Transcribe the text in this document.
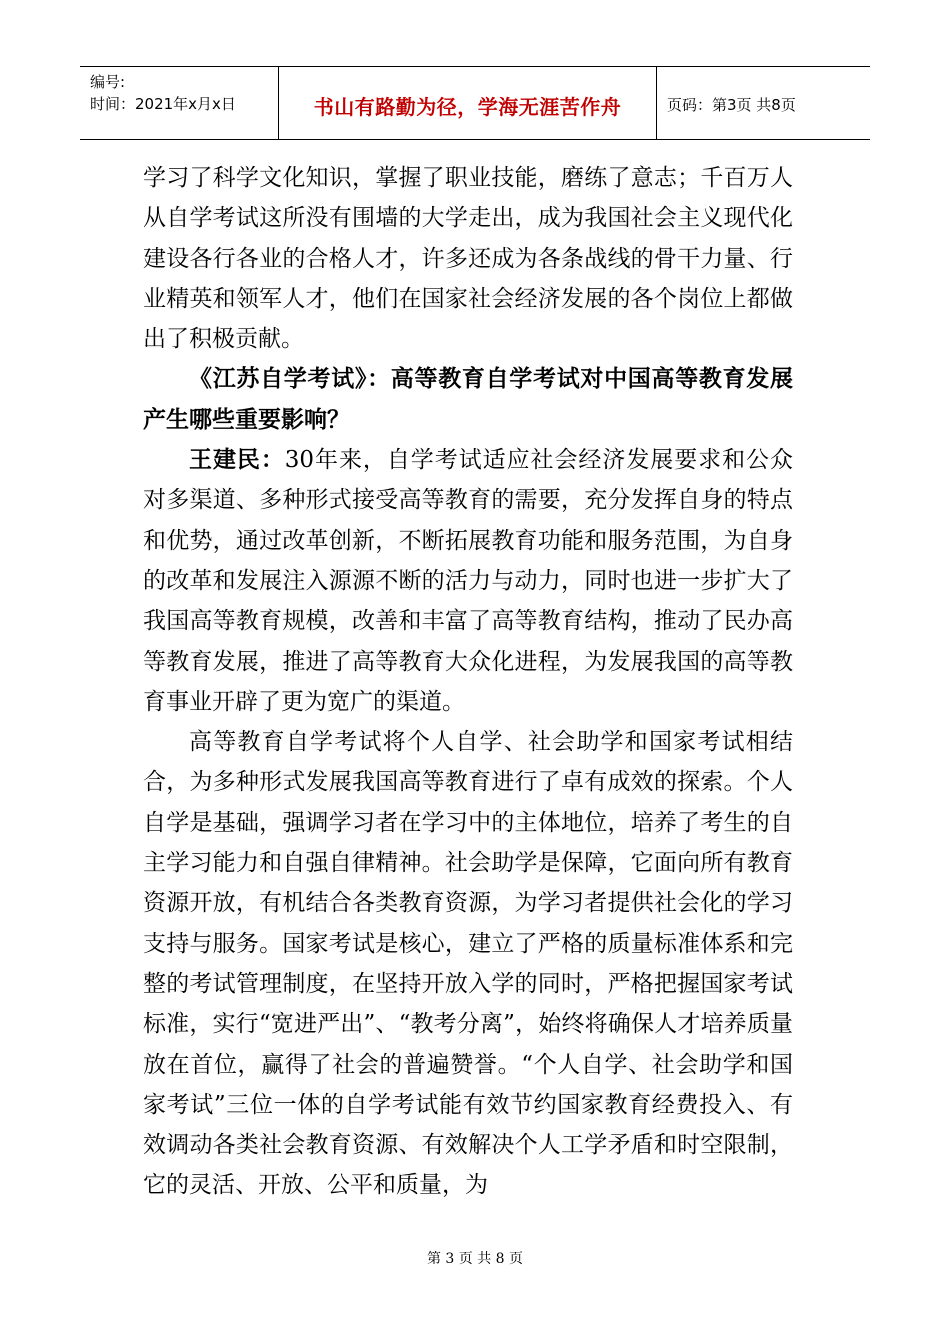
编号:
时间：2021年x月x日	书山有路勤为径，学海无涯苦作舟	页码：第3页 共8页

学习了科学文化知识，掌握了职业技能，磨练了意志；千百万人从自学考试这所没有围墙的大学走出，成为我国社会主义现代化建设各行各业的合格人才，许多还成为各条战线的骨干力量、行业精英和领军人才，他们在国家社会经济发展的各个岗位上都做出了积极贡献。

《江苏自学考试》：高等教育自学考试对中国高等教育发展产生哪些重要影响？

王建民：30年来，自学考试适应社会经济发展要求和公众对多渠道、多种形式接受高等教育的需要，充分发挥自身的特点和优势，通过改革创新，不断拓展教育功能和服务范围，为自身的改革和发展注入源源不断的活力与动力，同时也进一步扩大了我国高等教育规模，改善和丰富了高等教育结构，推动了民办高等教育发展，推进了高等教育大众化进程，为发展我国的高等教育事业开辟了更为宽广的渠道。

高等教育自学考试将个人自学、社会助学和国家考试相结合，为多种形式发展我国高等教育进行了卓有成效的探索。个人自学是基础，强调学习者在学习中的主体地位，培养了考生的自主学习能力和自强自律精神。社会助学是保障，它面向所有教育资源开放，有机结合各类教育资源，为学习者提供社会化的学习支持与服务。国家考试是核心，建立了严格的质量标准体系和完整的考试管理制度，在坚持开放入学的同时，严格把握国家考试标准，实行“宽进严出”、“教考分离”，始终将确保人才培养质量放在首位，赢得了社会的普遍赞誉。“个人自学、社会助学和国家考试”三位一体的自学考试能有效节约国家教育经费投入、有效调动各类社会教育资源、有效解决个人工学矛盾和时空限制，它的灵活、开放、公平和质量，为

第 3 页 共 8 页
